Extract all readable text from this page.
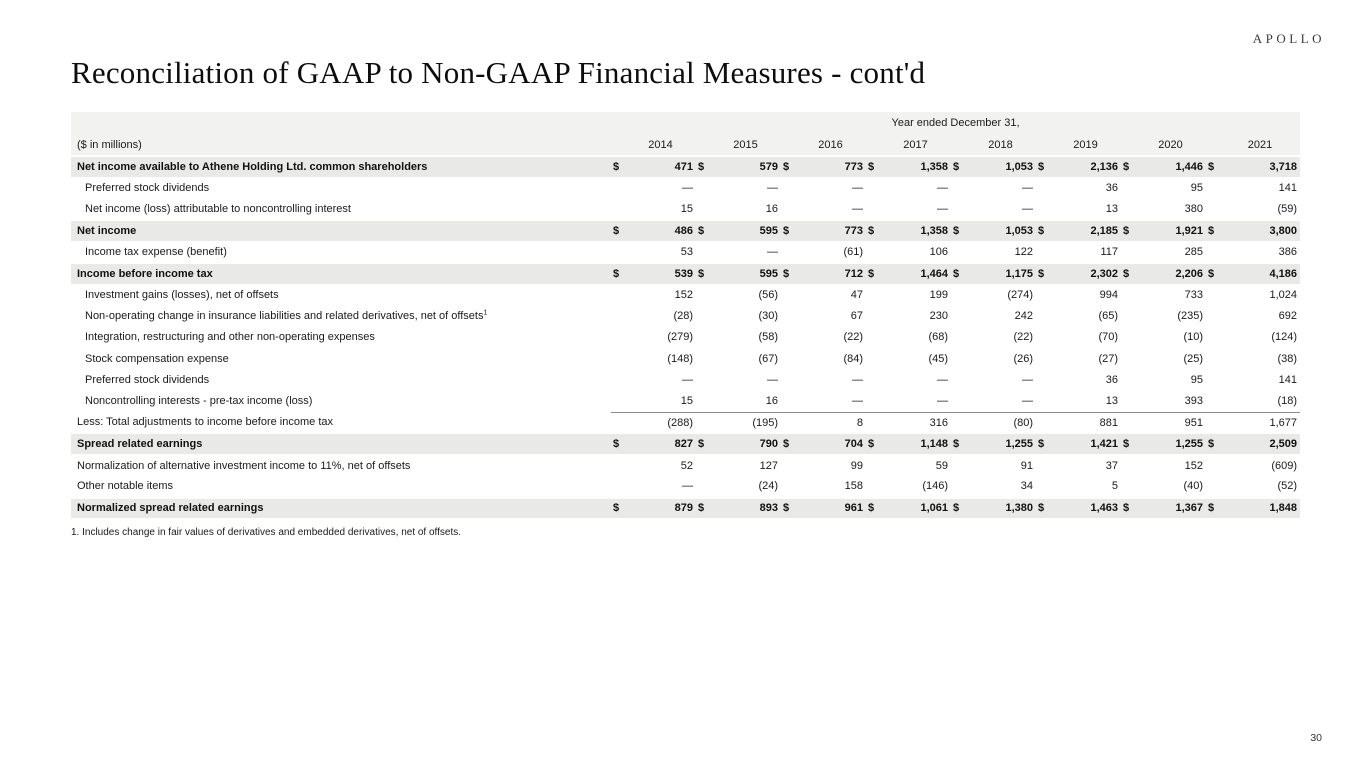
APOLLO
Reconciliation of GAAP to Non-GAAP Financial Measures - cont'd
	Year ended December 31,															
($ in millions)	2014		2015		2016		2017		2018		2019		2020		2021	
Net income available to Athene Holding Ltd. common shareholders	$	471	$	579	$	773	$	1,358	$	1,053	$	2,136	$	1,446	$	3,718
Preferred stock dividends		—		—		—		—		—		36		95		141
Net income (loss) attributable to noncontrolling interest		15		16		—		—		—		13		380		(59)
Net income	$	486	$	595	$	773	$	1,358	$	1,053	$	2,185	$	1,921	$	3,800
Income tax expense (benefit)		53		—		(61)		106		122		117		285		386
Income before income tax	$	539	$	595	$	712	$	1,464	$	1,175	$	2,302	$	2,206	$	4,186
Investment gains (losses), net of offsets		152		(56)		47		199		(274)		994		733		1,024
Non-operating change in insurance liabilities and related derivatives, net of offsets$^1$		(28)		(30)		67		230		242		(65)		(235)		692
Integration, restructuring and other non-operating expenses		(279)		(58)		(22)		(68)		(22)		(70)		(10)		(124)
Stock compensation expense		(148)		(67)		(84)		(45)		(26)		(27)		(25)		(38)
Preferred stock dividends		—		—		—		—		—		36		95		141
Noncontrolling interests - pre-tax income (loss)		15		16		—		—		—		13		393		(18)
Less: Total adjustments to income before income tax		(288)		(195)		8		316		(80)		881		951		1,677
Spread related earnings	$	827	$	790	$	704	$	1,148	$	1,255	$	1,421	$	1,255	$	2,509
Normalization of alternative investment income to 11%, net of offsets		52		127		99		59		91		37		152		(609)
Other notable items		—		(24)		158		(146)		34		5		(40)		(52)
Normalized spread related earnings	$	879	$	893	$	961	$	1,061	$	1,380	$	1,463	$	1,367	$	1,848
1. Includes change in fair values of derivatives and embedded derivatives, net of offsets.
30
